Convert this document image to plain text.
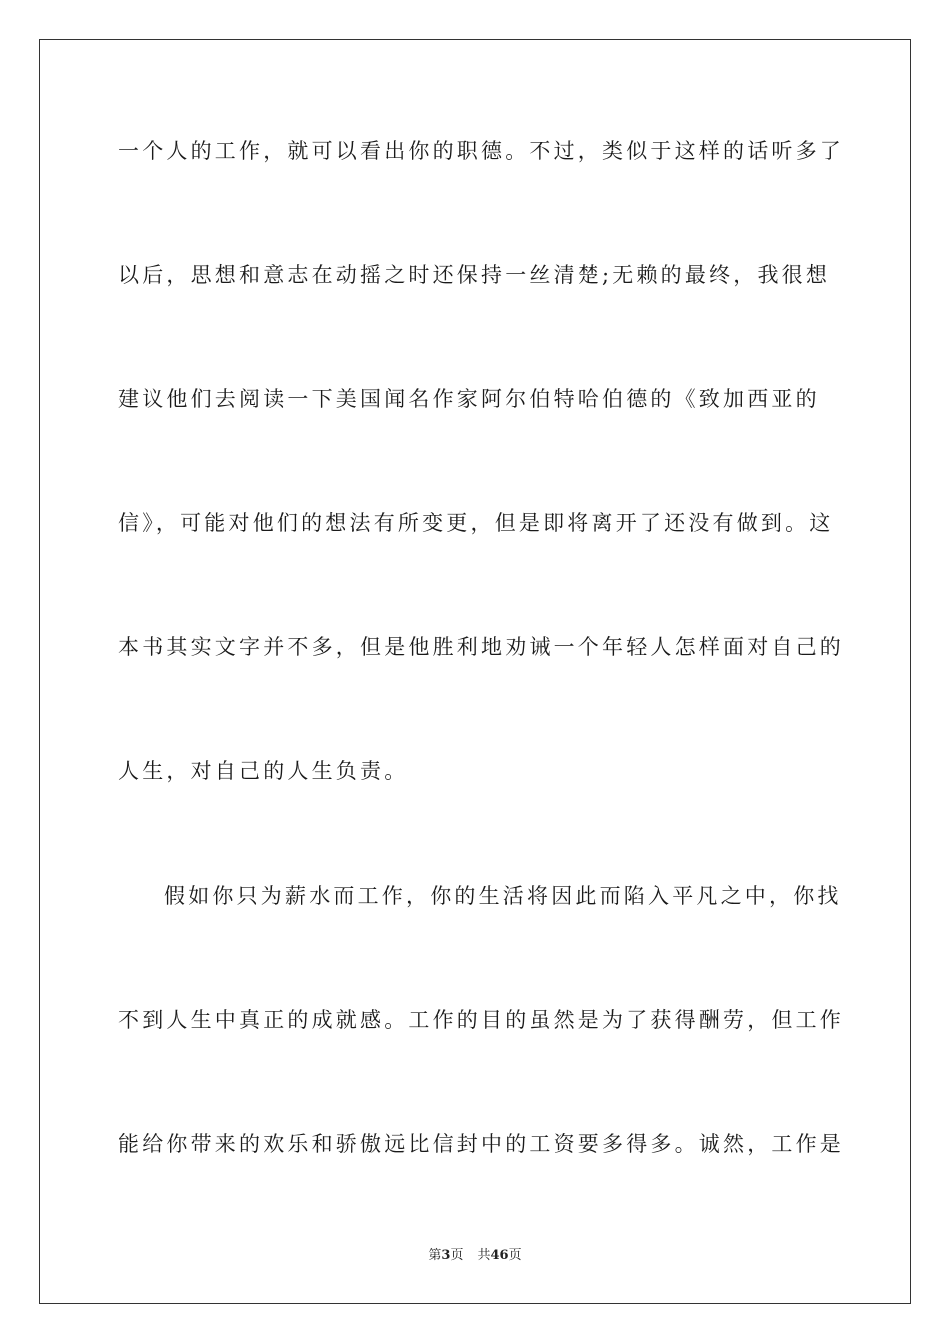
一个人的工作，就可以看出你的职德。不过，类似于这样的话听多了
以后，思想和意志在动摇之时还保持一丝清楚;无赖的最终，我很想
建议他们去阅读一下美国闻名作家阿尔伯特哈伯德的《致加西亚的
信》，可能对他们的想法有所变更，但是即将离开了还没有做到。这
本书其实文字并不多，但是他胜利地劝诫一个年轻人怎样面对自己的
人生，对自己的人生负责。
假如你只为薪水而工作，你的生活将因此而陷入平凡之中，你找
不到人生中真正的成就感。工作的目的虽然是为了获得酬劳，但工作
能给你带来的欢乐和骄傲远比信封中的工资要多得多。诚然，工作是
第3页 共46页
